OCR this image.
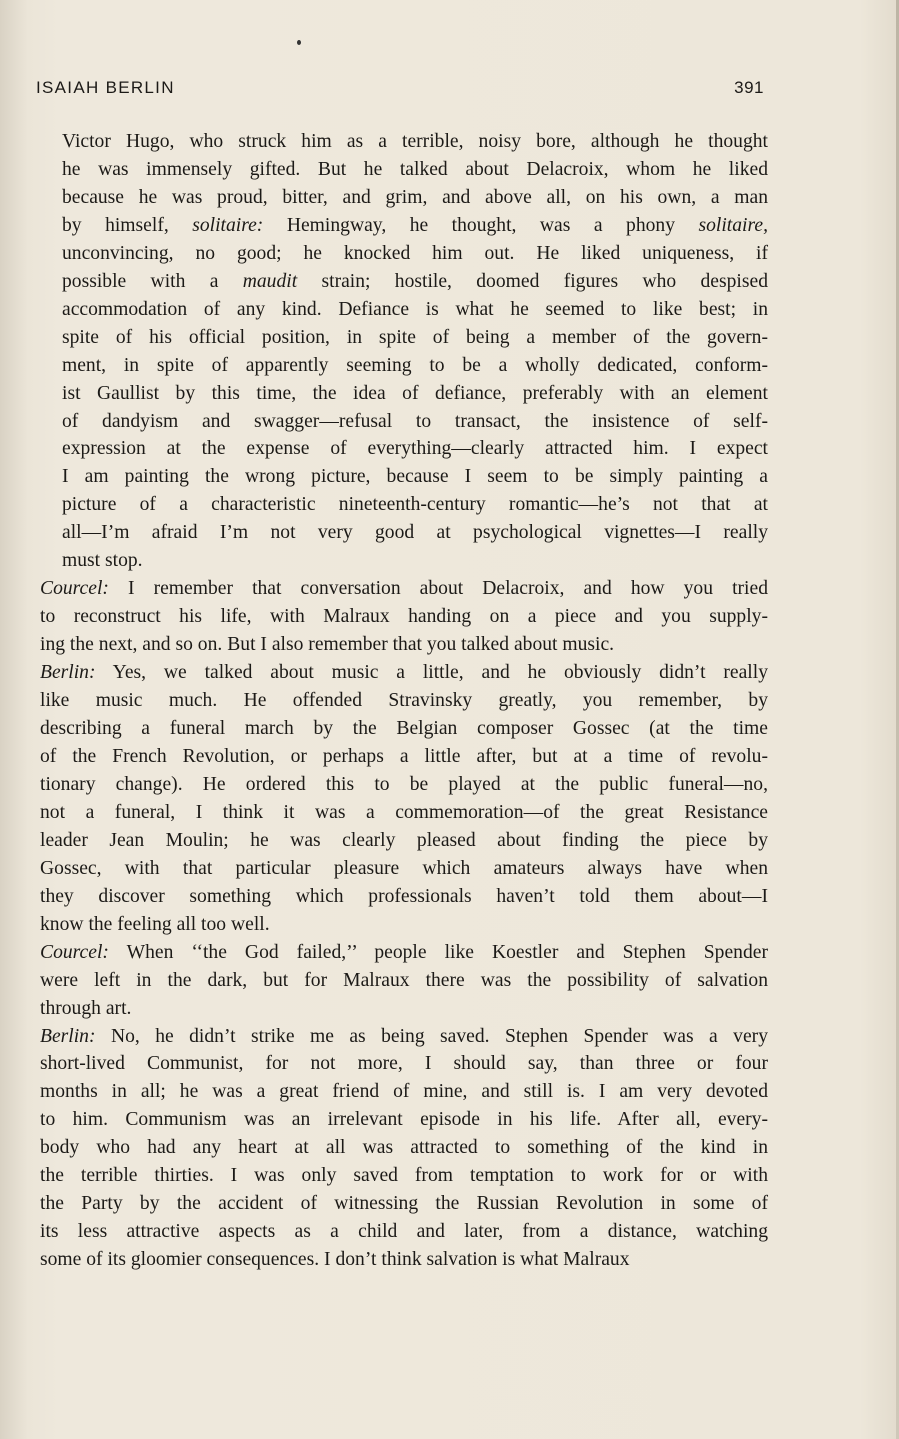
ISAIAH BERLIN	391
Victor Hugo, who struck him as a terrible, noisy bore, although he thought
he was immensely gifted. But he talked about Delacroix, whom he liked
because he was proud, bitter, and grim, and above all, on his own, a man
by himself, solitaire: Hemingway, he thought, was a phony solitaire,
unconvincing, no good; he knocked him out. He liked uniqueness, if
possible with a maudit strain; hostile, doomed figures who despised
accommodation of any kind. Defiance is what he seemed to like best; in
spite of his official position, in spite of being a member of the govern-
ment, in spite of apparently seeming to be a wholly dedicated, conform-
ist Gaullist by this time, the idea of defiance, preferably with an element
of dandyism and swagger—refusal to transact, the insistence of self-
expression at the expense of everything—clearly attracted him. I expect
I am painting the wrong picture, because I seem to be simply painting a
picture of a characteristic nineteenth-century romantic—he’s not that at
all—I’m afraid I’m not very good at psychological vignettes—I really
must stop.
Courcel: I remember that conversation about Delacroix, and how you tried
to reconstruct his life, with Malraux handing on a piece and you supply-
ing the next, and so on. But I also remember that you talked about music.
Berlin: Yes, we talked about music a little, and he obviously didn’t really
like music much. He offended Stravinsky greatly, you remember, by
describing a funeral march by the Belgian composer Gossec (at the time
of the French Revolution, or perhaps a little after, but at a time of revolu-
tionary change). He ordered this to be played at the public funeral—no,
not a funeral, I think it was a commemoration—of the great Resistance
leader Jean Moulin; he was clearly pleased about finding the piece by
Gossec, with that particular pleasure which amateurs always have when
they discover something which professionals haven’t told them about—I
know the feeling all too well.
Courcel: When ‘‘the God failed,’’ people like Koestler and Stephen Spender
were left in the dark, but for Malraux there was the possibility of salvation
through art.
Berlin: No, he didn’t strike me as being saved. Stephen Spender was a very
short-lived Communist, for not more, I should say, than three or four
months in all; he was a great friend of mine, and still is. I am very devoted
to him. Communism was an irrelevant episode in his life. After all, every-
body who had any heart at all was attracted to something of the kind in
the terrible thirties. I was only saved from temptation to work for or with
the Party by the accident of witnessing the Russian Revolution in some of
its less attractive aspects as a child and later, from a distance, watching
some of its gloomier consequences. I don’t think salvation is what Malraux
